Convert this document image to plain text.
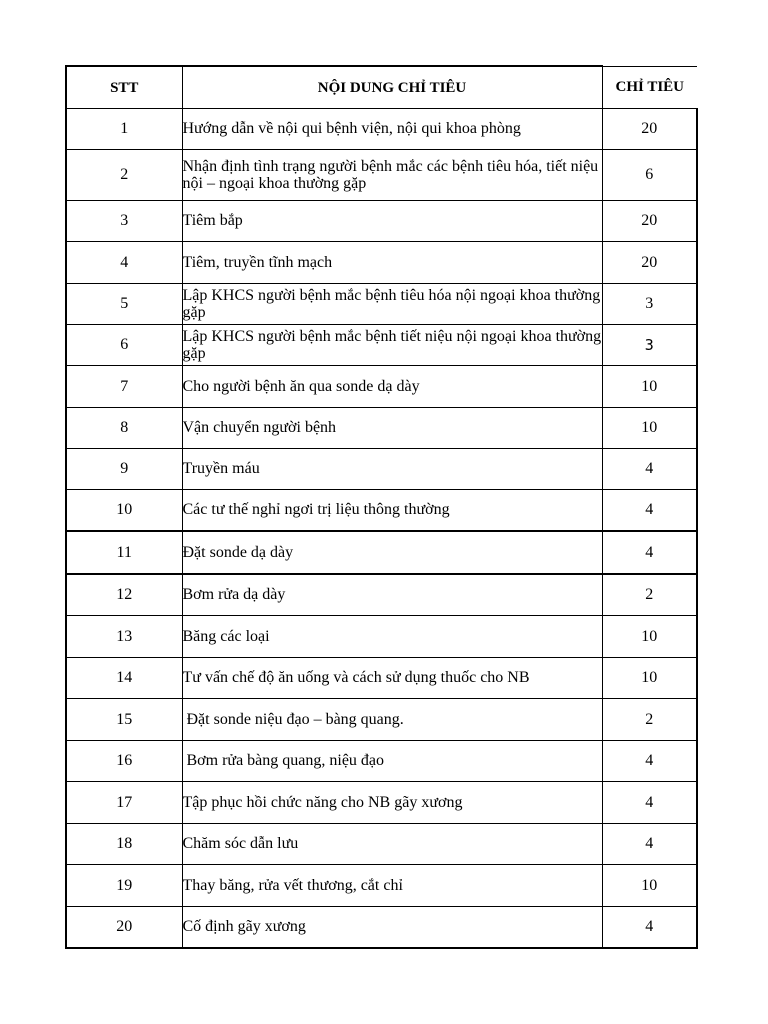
STT	NỘI DUNG CHỈ TIÊU	CHỈ TIÊU
1	Hướng dẫn về nội qui bệnh viện, nội qui khoa phòng	20
2	Nhận định tình trạng người bệnh mắc các bệnh tiêu hóa, tiết niệu nội – ngoại khoa thường gặp	6
3	Tiêm bắp	20
4	Tiêm, truyền tĩnh mạch	20
5	Lập KHCS người bệnh mắc bệnh tiêu hóa nội ngoại khoa thường gặp	3
6	Lập KHCS người bệnh mắc bệnh tiết niệu nội ngoại khoa thường gặp	3
7	Cho người bệnh ăn qua sonde dạ dày	10
8	Vận chuyển người bệnh	10
9	Truyền máu	4
10	Các tư thế nghỉ ngơi trị liệu thông thường	4
11	Đặt sonde dạ dày	4
12	Bơm rửa dạ dày	2
13	Băng các loại	10
14	Tư vấn chế độ ăn uống và cách sử dụng thuốc cho NB	10
15	Đặt sonde niệu đạo – bàng quang.	2
16	Bơm rửa bàng quang, niệu đạo	4
17	Tập phục hồi chức năng cho NB gãy xương	4
18	Chăm sóc dẫn lưu	4
19	Thay băng, rửa vết thương, cắt chỉ	10
20	Cố định gãy xương	4
